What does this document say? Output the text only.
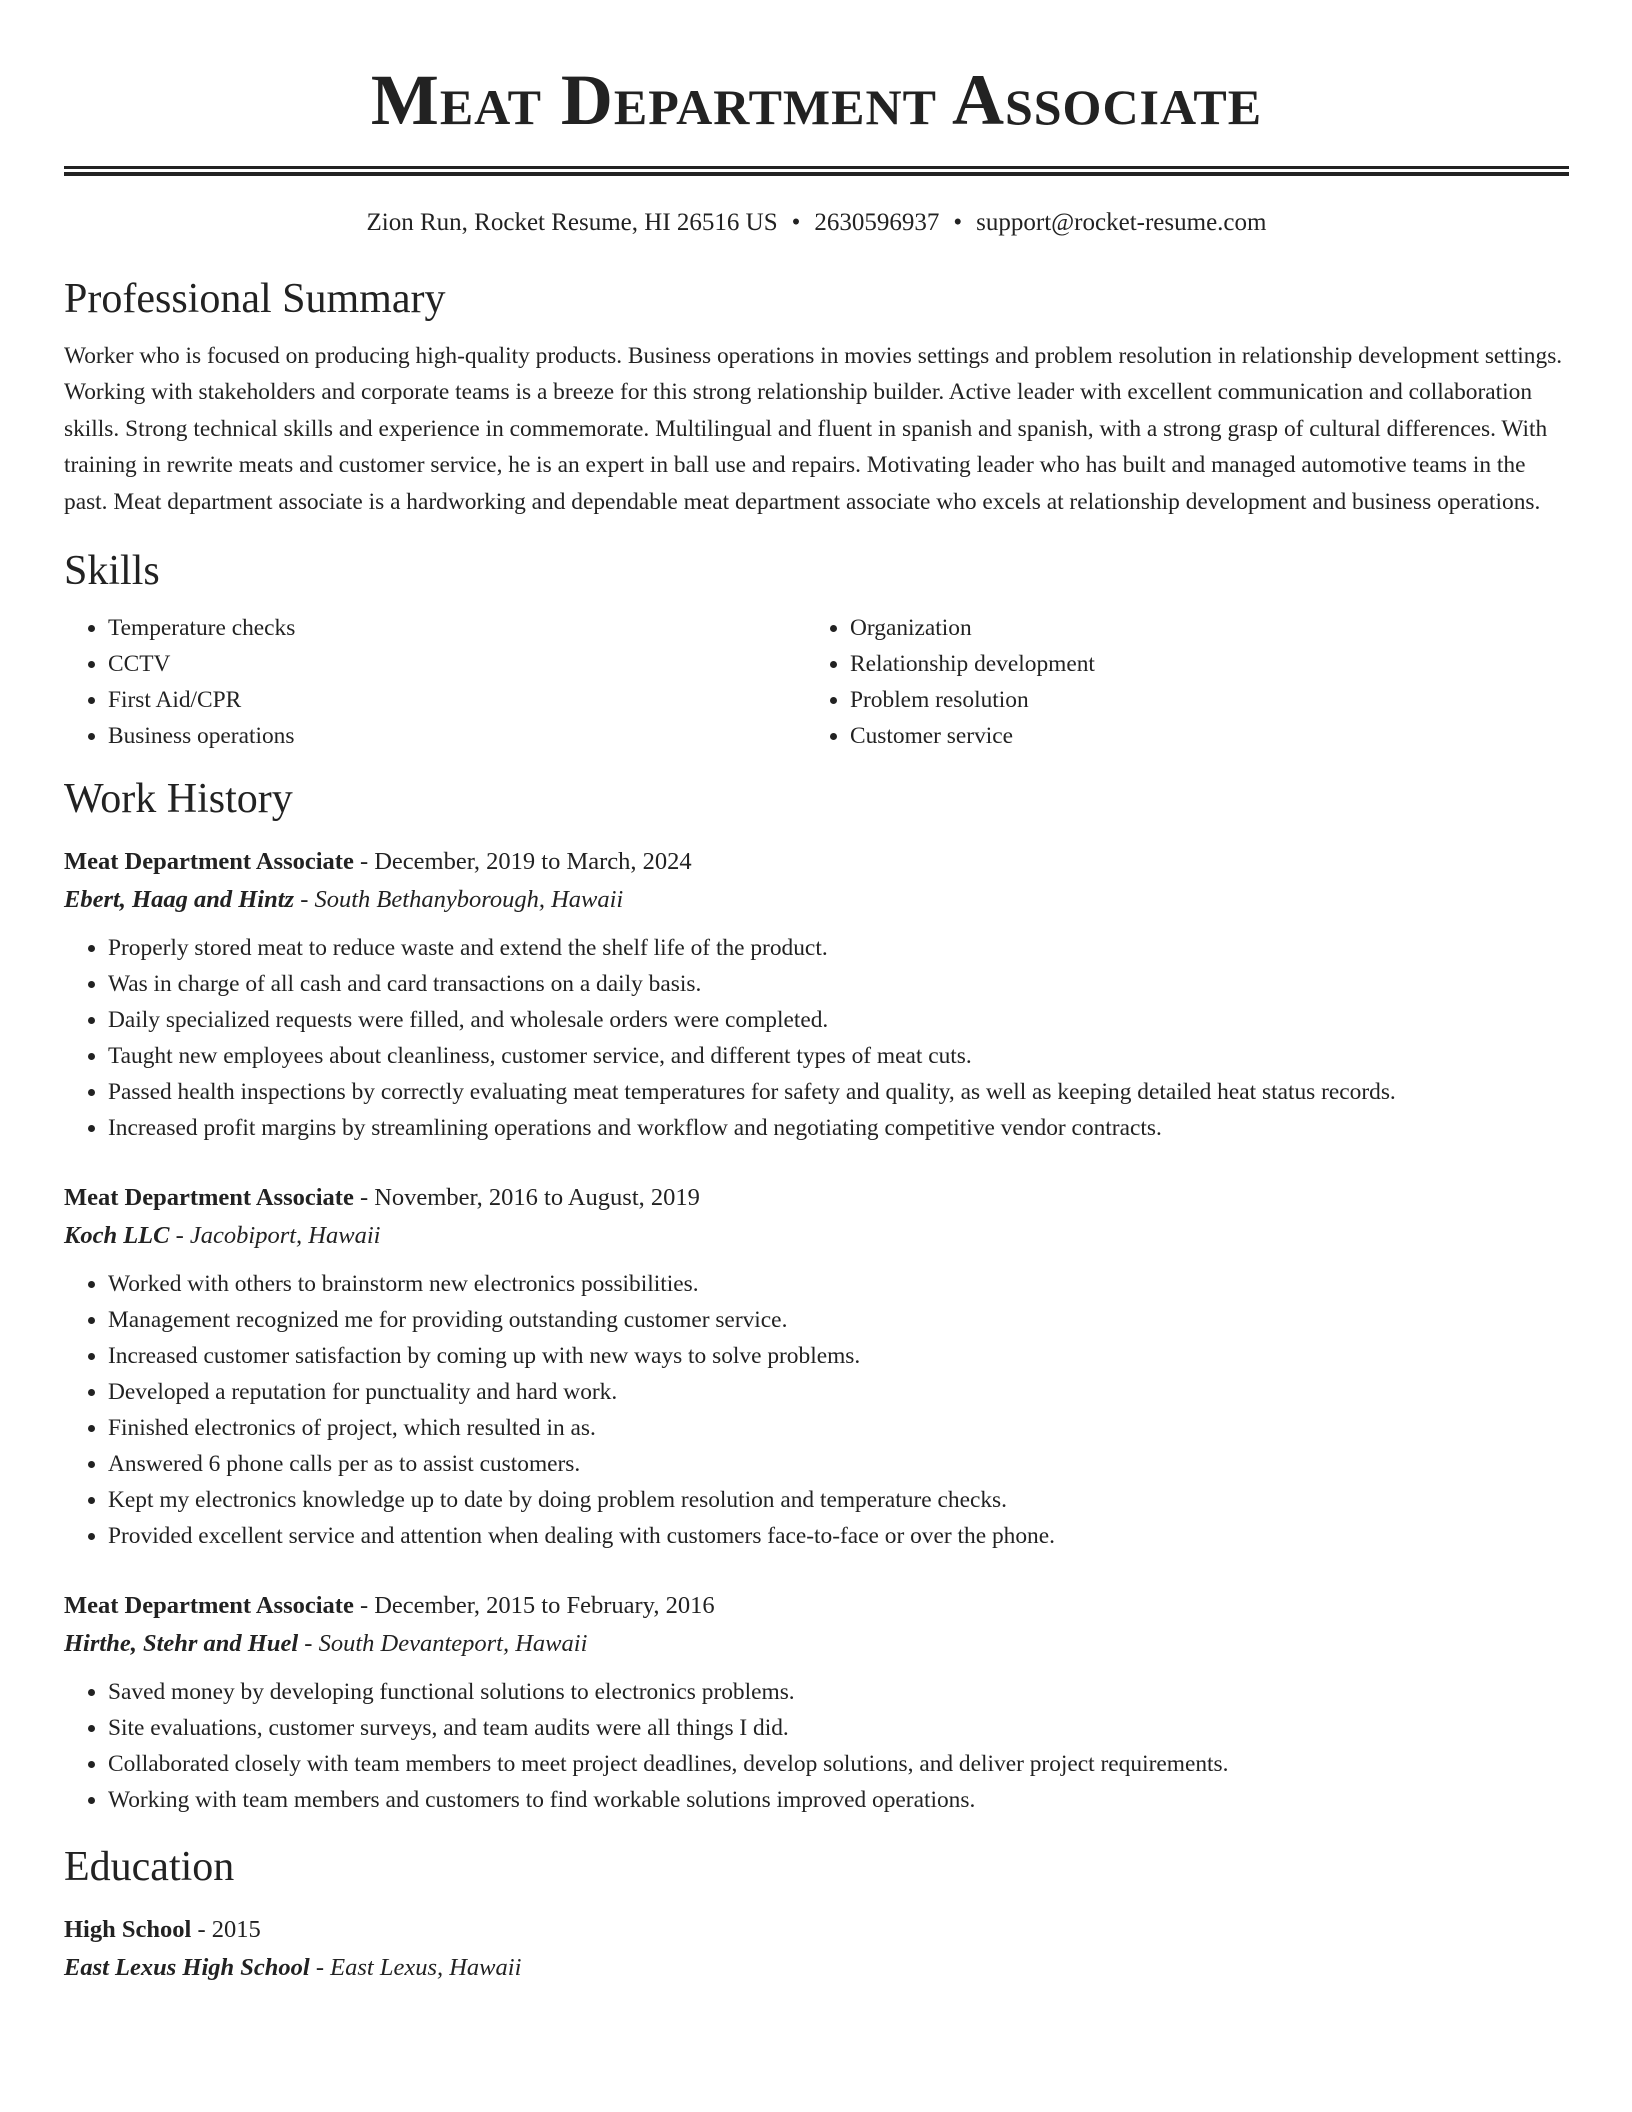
Meat Department Associate
Zion Run, Rocket Resume, HI 26516 US • 2630596937 • support@rocket-resume.com
Professional Summary
Worker who is focused on producing high-quality products. Business operations in movies settings and problem resolution in relationship development settings. Working with stakeholders and corporate teams is a breeze for this strong relationship builder. Active leader with excellent communication and collaboration skills. Strong technical skills and experience in commemorate. Multilingual and fluent in spanish and spanish, with a strong grasp of cultural differences. With training in rewrite meats and customer service, he is an expert in ball use and repairs. Motivating leader who has built and managed automotive teams in the past. Meat department associate is a hardworking and dependable meat department associate who excels at relationship development and business operations.
Skills
• Temperature checks
• CCTV
• First Aid/CPR
• Business operations
• Organization
• Relationship development
• Problem resolution
• Customer service
Work History
Meat Department Associate - December, 2019 to March, 2024
Ebert, Haag and Hintz - South Bethanyborough, Hawaii
• Properly stored meat to reduce waste and extend the shelf life of the product.
• Was in charge of all cash and card transactions on a daily basis.
• Daily specialized requests were filled, and wholesale orders were completed.
• Taught new employees about cleanliness, customer service, and different types of meat cuts.
• Passed health inspections by correctly evaluating meat temperatures for safety and quality, as well as keeping detailed heat status records.
• Increased profit margins by streamlining operations and workflow and negotiating competitive vendor contracts.
Meat Department Associate - November, 2016 to August, 2019
Koch LLC - Jacobiport, Hawaii
• Worked with others to brainstorm new electronics possibilities.
• Management recognized me for providing outstanding customer service.
• Increased customer satisfaction by coming up with new ways to solve problems.
• Developed a reputation for punctuality and hard work.
• Finished electronics of project, which resulted in as.
• Answered 6 phone calls per as to assist customers.
• Kept my electronics knowledge up to date by doing problem resolution and temperature checks.
• Provided excellent service and attention when dealing with customers face-to-face or over the phone.
Meat Department Associate - December, 2015 to February, 2016
Hirthe, Stehr and Huel - South Devanteport, Hawaii
• Saved money by developing functional solutions to electronics problems.
• Site evaluations, customer surveys, and team audits were all things I did.
• Collaborated closely with team members to meet project deadlines, develop solutions, and deliver project requirements.
• Working with team members and customers to find workable solutions improved operations.
Education
High School - 2015
East Lexus High School - East Lexus, Hawaii
